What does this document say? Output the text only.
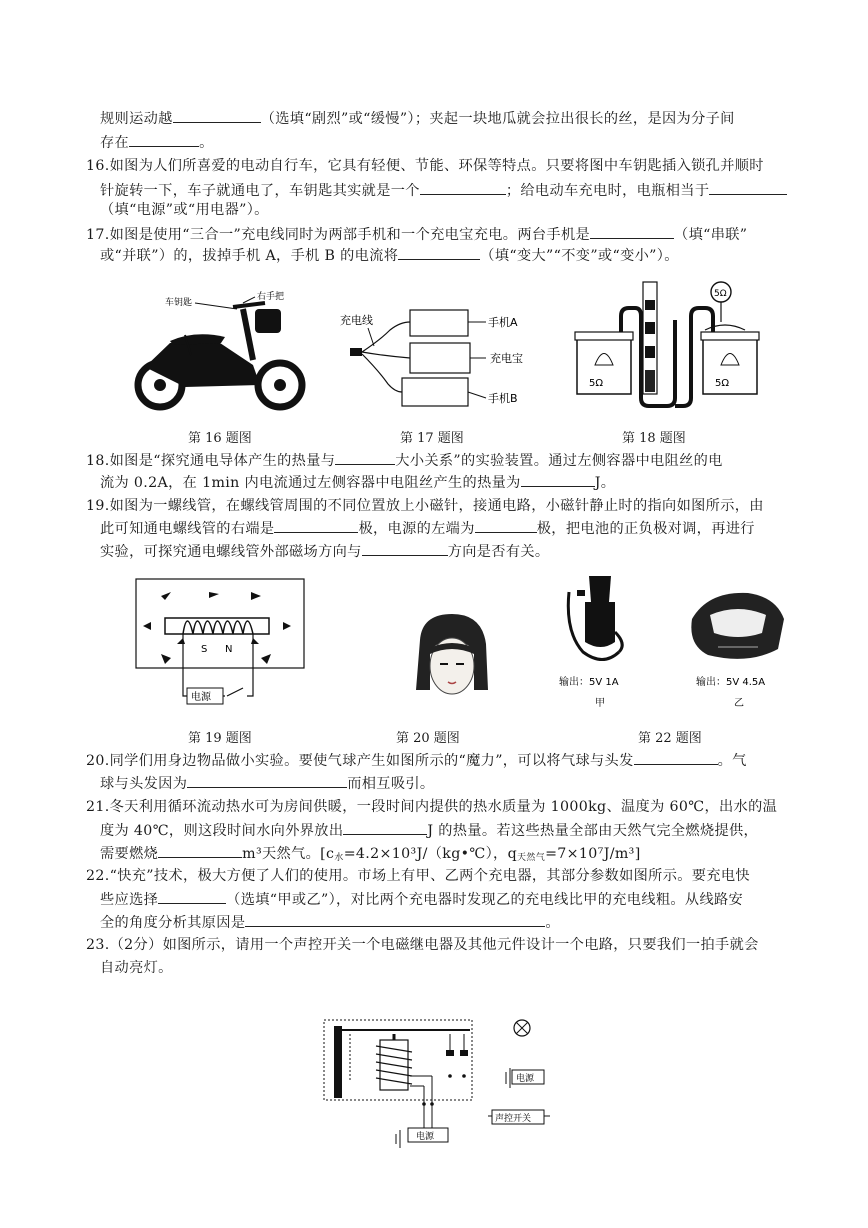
规则运动越	（选填“剧烈”或“缓慢”）；夹起一块地瓜就会拉出很长的丝，是因为分子间
存在	。
16.如图为人们所喜爱的电动自行车，它具有轻便、节能、环保等特点。只要将图中车钥匙插入锁孔并顺时
针旋转一下，车子就通电了，车钥匙其实就是一个	；给电动车充电时，电瓶相当于
（填“电源”或“用电器”）。
17.如图是使用“三合一”充电线同时为两部手机和一个充电宝充电。两台手机是	（填“串联”
或“并联”）的，拔掉手机 A，手机 B 的电流将	（填“变大”“不变”或“变小”）。
18.如图是“探究通电导体产生的热量与	大小关系”的实验装置。通过左侧容器中电阻丝的电
流为 0.2A，在 1min 内电流通过左侧容器中电阻丝产生的热量为	J。
19.如图为一螺线管，在螺线管周围的不同位置放上小磁针，接通电路，小磁针静止时的指向如图所示，由
此可知通电螺线管的右端是	极，电源的左端为	极，把电池的正负极对调，再进行
实验，可探究通电螺线管外部磁场方向与	方向是否有关。
20.同学们用身边物品做小实验。要使气球产生如图所示的“魔力”，可以将气球与头发	。气
球与头发因为	而相互吸引。
21.冬天利用循环流动热水可为房间供暖，一段时间内提供的热水质量为 1000kg、温度为 60℃，出水的温
度为 40℃，则这段时间水向外界放出	J 的热量。若这些热量全部由天然气完全燃烧提供，
需要燃烧	m³天然气。[$c_水=4.2\times 10^3J/(kg•℃)$，$q_{天然气}=7\times 10^7J/m^3$]
22.“快充”技术，极大方便了人们的使用。市场上有甲、乙两个充电器，其部分参数如图所示。要充电快
些应选择	（选填“甲或乙”），对比两个充电器时发现乙的充电线比甲的充电线粗。从线路安
全的角度分析其原因是	。
23.（2分）如图所示，请用一个声控开关一个电磁继电器及其他元件设计一个电路，只要我们一拍手就会
自动亮灯。
第 16 题图	第 17 题图	第 18 题图
第 19 题图	第 20 题图	第 22 题图
车钥匙
右手把
充电线	手机A
充电宝
手机B
5Ω	5Ω
5Ω
S N
电源
输出：5V 1A
甲
输出：5V 4.5A
乙
电源
电源
声控开关
